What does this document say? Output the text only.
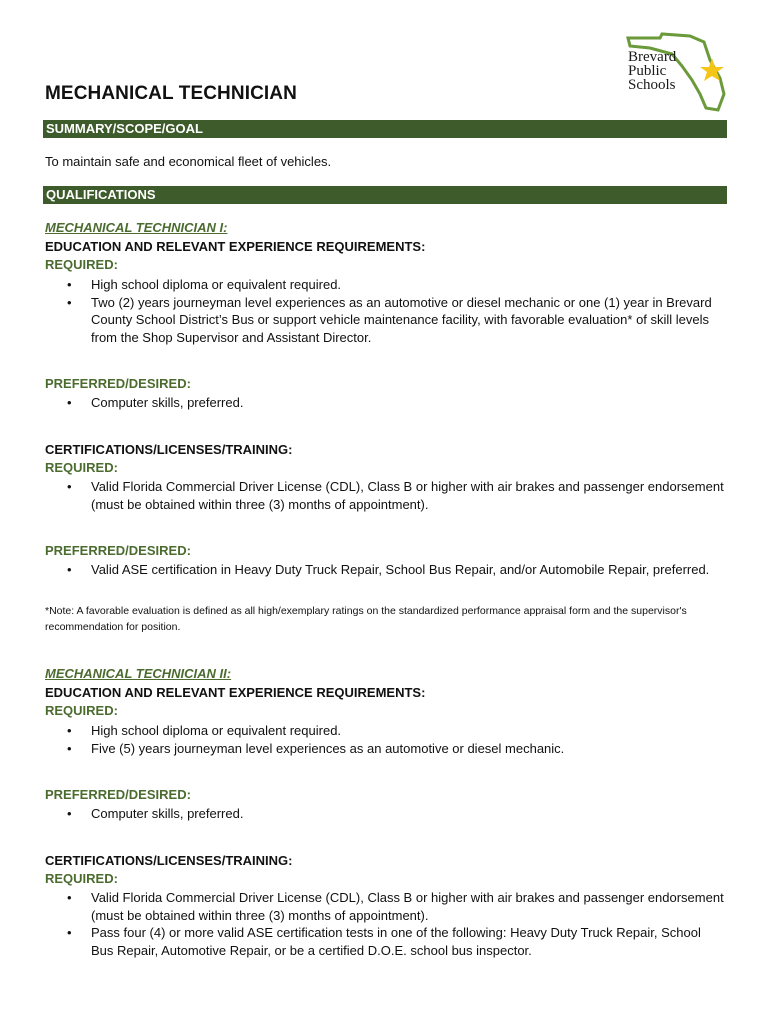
Brevard
Public
Schools
MECHANICAL TECHNICIAN
SUMMARY/SCOPE/GOAL
To maintain safe and economical fleet of vehicles.
QUALIFICATIONS
MECHANICAL TECHNICIAN I:
EDUCATION AND RELEVANT EXPERIENCE REQUIREMENTS:
REQUIRED:
• High school diploma or equivalent required.
• Two (2) years journeyman level experiences as an automotive or diesel mechanic or one (1) year in Brevard County School District’s Bus or support vehicle maintenance facility, with favorable evaluation* of skill levels from the Shop Supervisor and Assistant Director.
PREFERRED/DESIRED:
• Computer skills, preferred.
CERTIFICATIONS/LICENSES/TRAINING:
REQUIRED:
• Valid Florida Commercial Driver License (CDL), Class B or higher with air brakes and passenger endorsement (must be obtained within three (3) months of appointment).
PREFERRED/DESIRED:
• Valid ASE certification in Heavy Duty Truck Repair, School Bus Repair, and/or Automobile Repair, preferred.
*Note: A favorable evaluation is defined as all high/exemplary ratings on the standardized performance appraisal form and the supervisor's recommendation for position.
MECHANICAL TECHNICIAN II:
EDUCATION AND RELEVANT EXPERIENCE REQUIREMENTS:
REQUIRED:
• High school diploma or equivalent required.
• Five (5) years journeyman level experiences as an automotive or diesel mechanic.
PREFERRED/DESIRED:
• Computer skills, preferred.
CERTIFICATIONS/LICENSES/TRAINING:
REQUIRED:
• Valid Florida Commercial Driver License (CDL), Class B or higher with air brakes and passenger endorsement (must be obtained within three (3) months of appointment).
• Pass four (4) or more valid ASE certification tests in one of the following: Heavy Duty Truck Repair, School Bus Repair, Automotive Repair, or be a certified D.O.E. school bus inspector.
